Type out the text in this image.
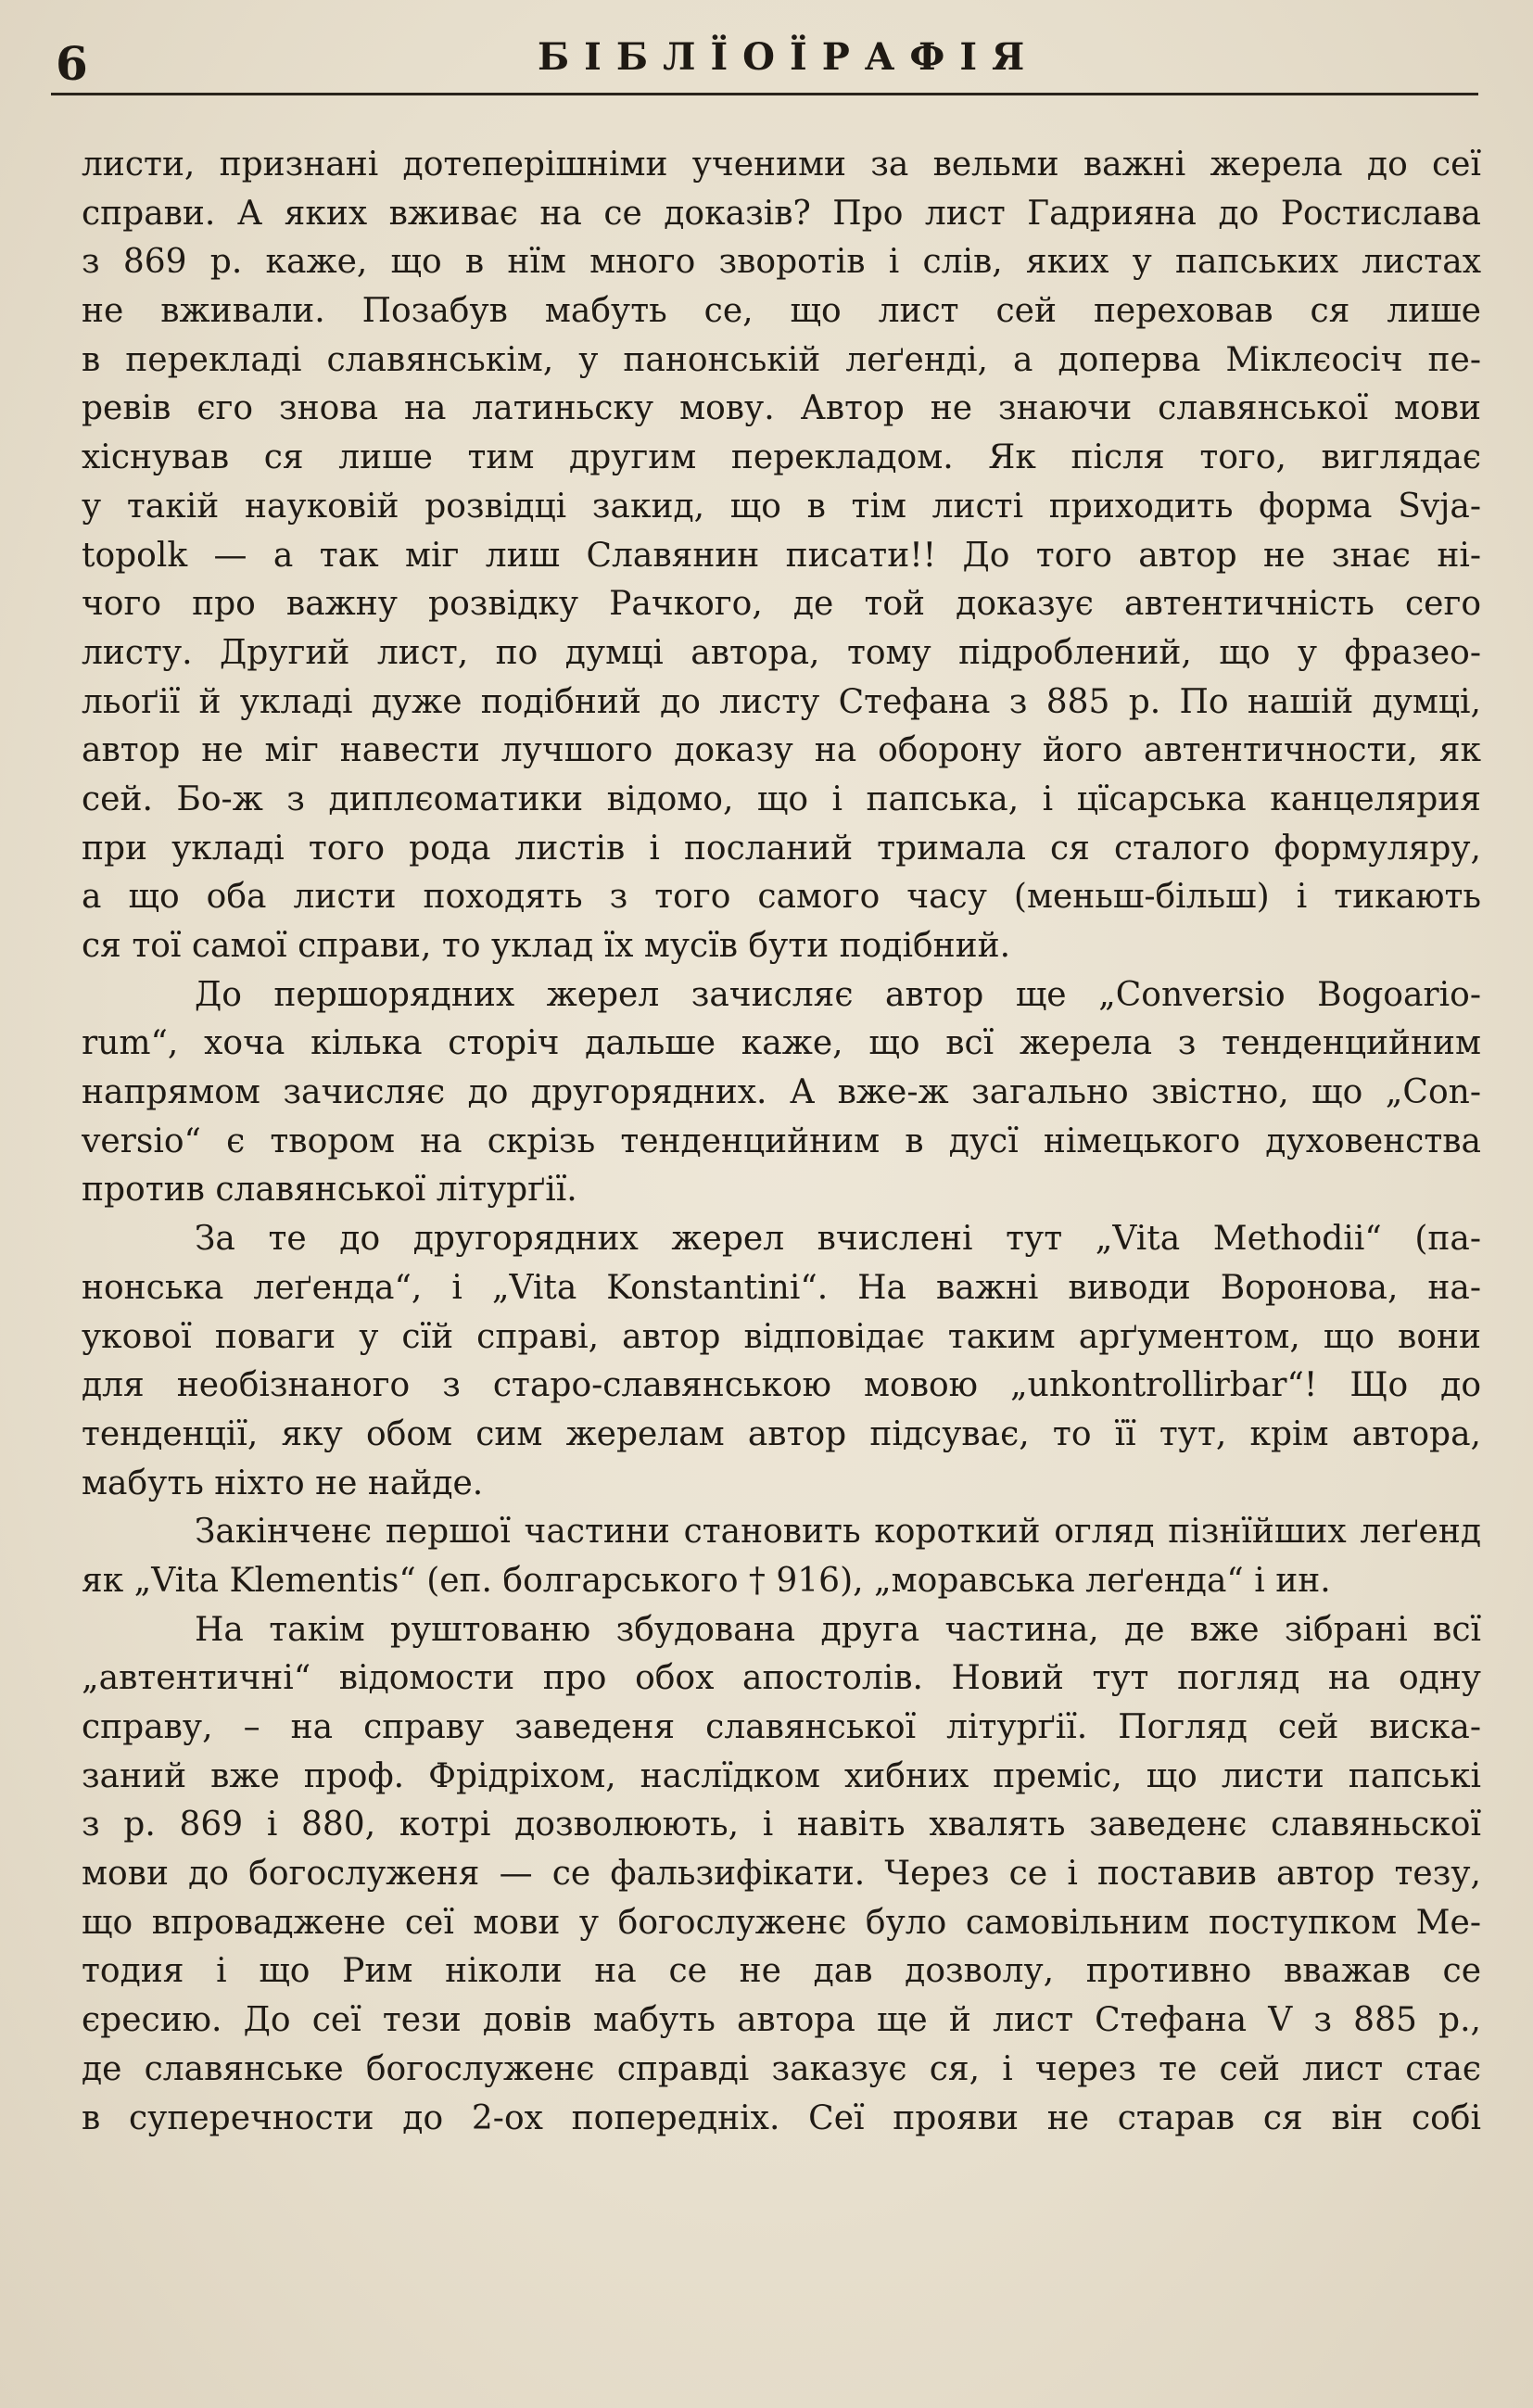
6	БІБЛЇОЇРАФІЯ
листи, признані дотеперішніми ученими за вельми важні жерела до сеї
справи. А яких вживає на се доказів? Про лист Гадрияна до Ростислава
з 869 р. каже, що в нїм много зворотів і слів, яких у папських листах
не вживали. Позабув мабуть се, що лист сей переховав ся лише
в перекладі славянськім, у панонській леґенді, а доперва Міклєосіч пе-
ревів єго знова на латиньску мову. Автор не знаючи славянської мови
хіснував ся лише тим другим перекладом. Як після того, виглядає
у такій науковій розвідці закид, що в тім листі приходить форма Svja-
topolk — а так міг лиш Славянин писати!! До того автор не знає ні-
чого про важну розвідку Рачкого, де той доказує автентичність сего
листу. Другий лист, по думці автора, тому підроблений, що у фразео-
льоґії й укладі дуже подібний до листу Стефана з 885 р. По нашій думці,
автор не міг навести лучшого доказу на оборону його автентичности, як
сей. Бо-ж з диплєоматики відомо, що і папська, і цїсарська канцелярия
при укладі того рода листів і посланий тримала ся сталого формуляру,
а що оба листи походять з того самого часу (меньш-більш) і тикають
ся тої самої справи, то уклад їх мусїв бути подібний.
До першорядних жерел зачисляє автор ще „Conversio Bogoario-
rum“, хоча кілька сторіч дальше каже, що всї жерела з тенденцийним
напрямом зачисляє до другорядних. А вже-ж загально звістно, що „Con-
versio“ є твором на скрізь тенденцийним в дусї німецького духовенства
против славянської літурґії.
За те до другорядних жерел вчислені тут „Vita Methodii“ (па-
нонська леґенда“, і „Vita Konstantini“. На важні виводи Воронова, на-
укової поваги у сїй справі, автор відповідає таким арґументом, що вони
для необізнаного з старо-славянською мовою „unkontrollirbar“! Що до
тенденції, яку обом сим жерелам автор підсуває, то її тут, крім автора,
мабуть ніхто не найде.
Закінченє першої частини становить короткий огляд пізнїйших леґенд
як „Vita Klementis“ (еп. болгарського † 916), „моравська леґенда“ і ин.
На такім руштованю збудована друга частина, де вже зібрані всї
„автентичні“ відомости про обох апостолів. Новий тут погляд на одну
справу, – на справу заведеня славянської літурґії. Погляд сей виска-
заний вже проф. Фрідріхом, наслїдком хибних преміс, що листи папські
з р. 869 і 880, котрі дозволюють, і навіть хвалять заведенє славяньскої
мови до богослуженя — се фальзифікати. Через се і поставив автор тезу,
що впроваджене сеї мови у богослуженє було самовільним поступком Ме-
тодия і що Рим ніколи на се не дав дозволу, противно вважав се
єресию. До сеї тези довів мабуть автора ще й лист Стефана V з 885 р.,
де славянське богослуженє справді заказує ся, і через те сей лист стає
в суперечности до 2-ох попередніх. Сеї прояви не старав ся він собі
